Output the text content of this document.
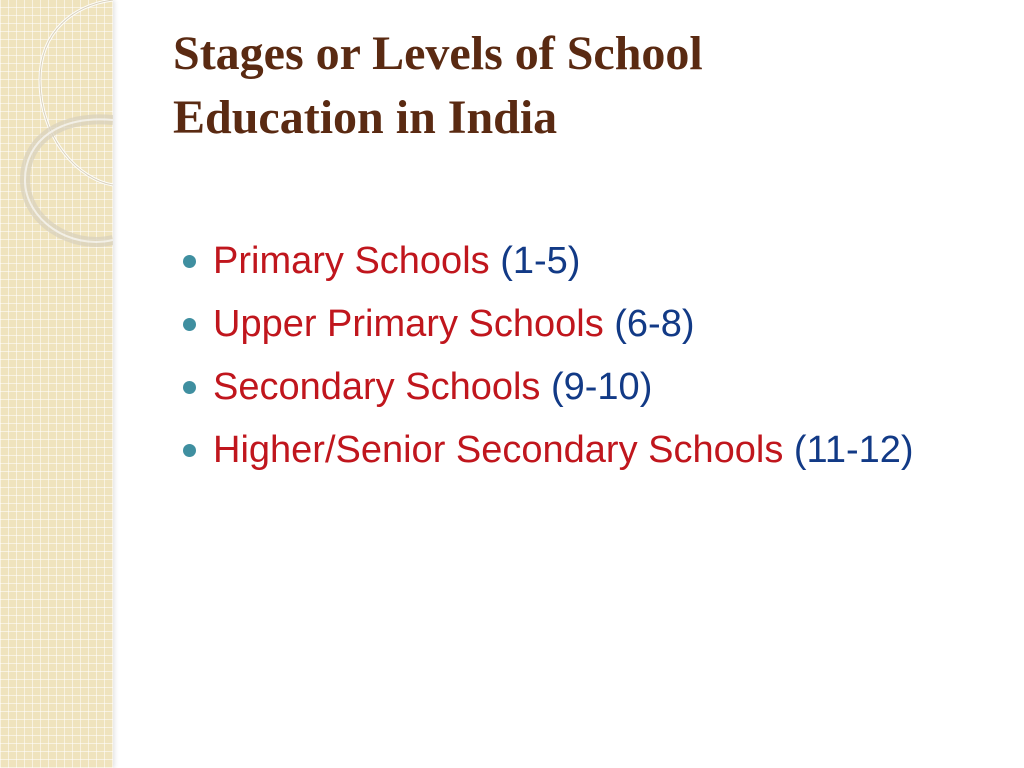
Stages or Levels of School
Education in India
Primary Schools (1-5)
Upper Primary Schools (6-8)
Secondary Schools (9-10)
Higher/Senior Secondary Schools (11-12)
